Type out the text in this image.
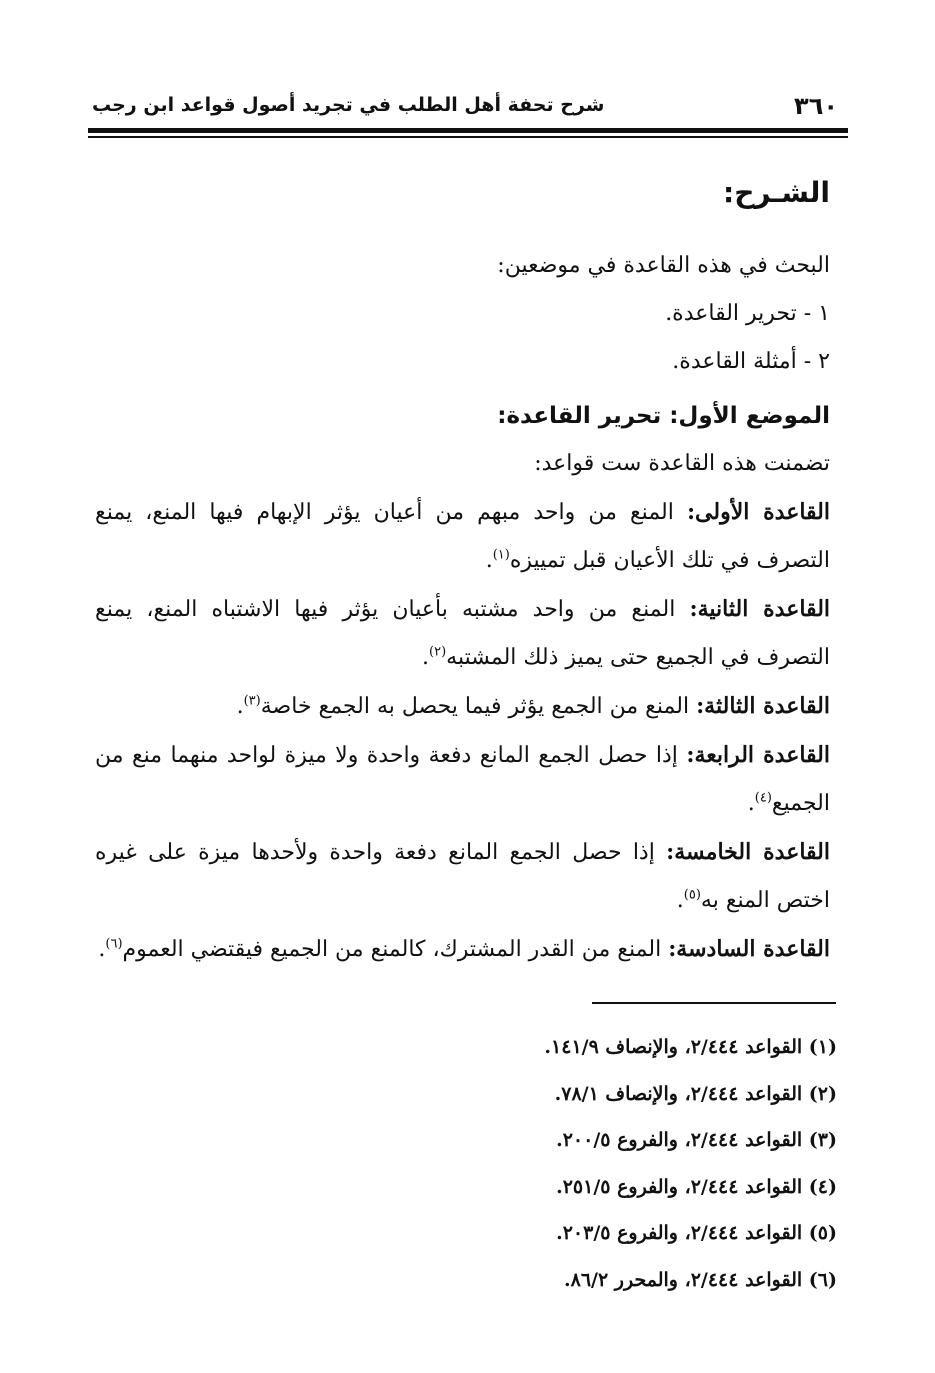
٣٦٠
شرح تحفة أهل الطلب في تجريد أصول قواعد ابن رجب
الشـرح:

البحث في هذه القاعدة في موضعين:

١ - تحرير القاعدة.

٢ - أمثلة القاعدة.

الموضع الأول: تحرير القاعدة:

تضمنت هذه القاعدة ست قواعد:

القاعدة الأولى: المنع من واحد مبهم من أعيان يؤثر الإبهام فيها المنع، يمنع التصرف في تلك الأعيان قبل تمييزه$^{(١)}$.

القاعدة الثانية: المنع من واحد مشتبه بأعيان يؤثر فيها الاشتباه المنع، يمنع التصرف في الجميع حتى يميز ذلك المشتبه$^{(٢)}$.

القاعدة الثالثة: المنع من الجمع يؤثر فيما يحصل به الجمع خاصة$^{(٣)}$.

القاعدة الرابعة: إذا حصل الجمع المانع دفعة واحدة ولا ميزة لواحد منهما منع من الجميع$^{(٤)}$.

القاعدة الخامسة: إذا حصل الجمع المانع دفعة واحدة ولأحدها ميزة على غيره اختص المنع به$^{(٥)}$.

القاعدة السادسة: المنع من القدر المشترك، كالمنع من الجميع فيقتضي العموم$^{(٦)}$.

(١) القواعد ٢/٤٤٤، والإنصاف ١٤١/٩.
(٢) القواعد ٢/٤٤٤، والإنصاف ٧٨/١.
(٣) القواعد ٢/٤٤٤، والفروع ٢٠٠/٥.
(٤) القواعد ٢/٤٤٤، والفروع ٢٥١/٥.
(٥) القواعد ٢/٤٤٤، والفروع ٢٠٣/٥.
(٦) القواعد ٢/٤٤٤، والمحرر ٨٦/٢.
